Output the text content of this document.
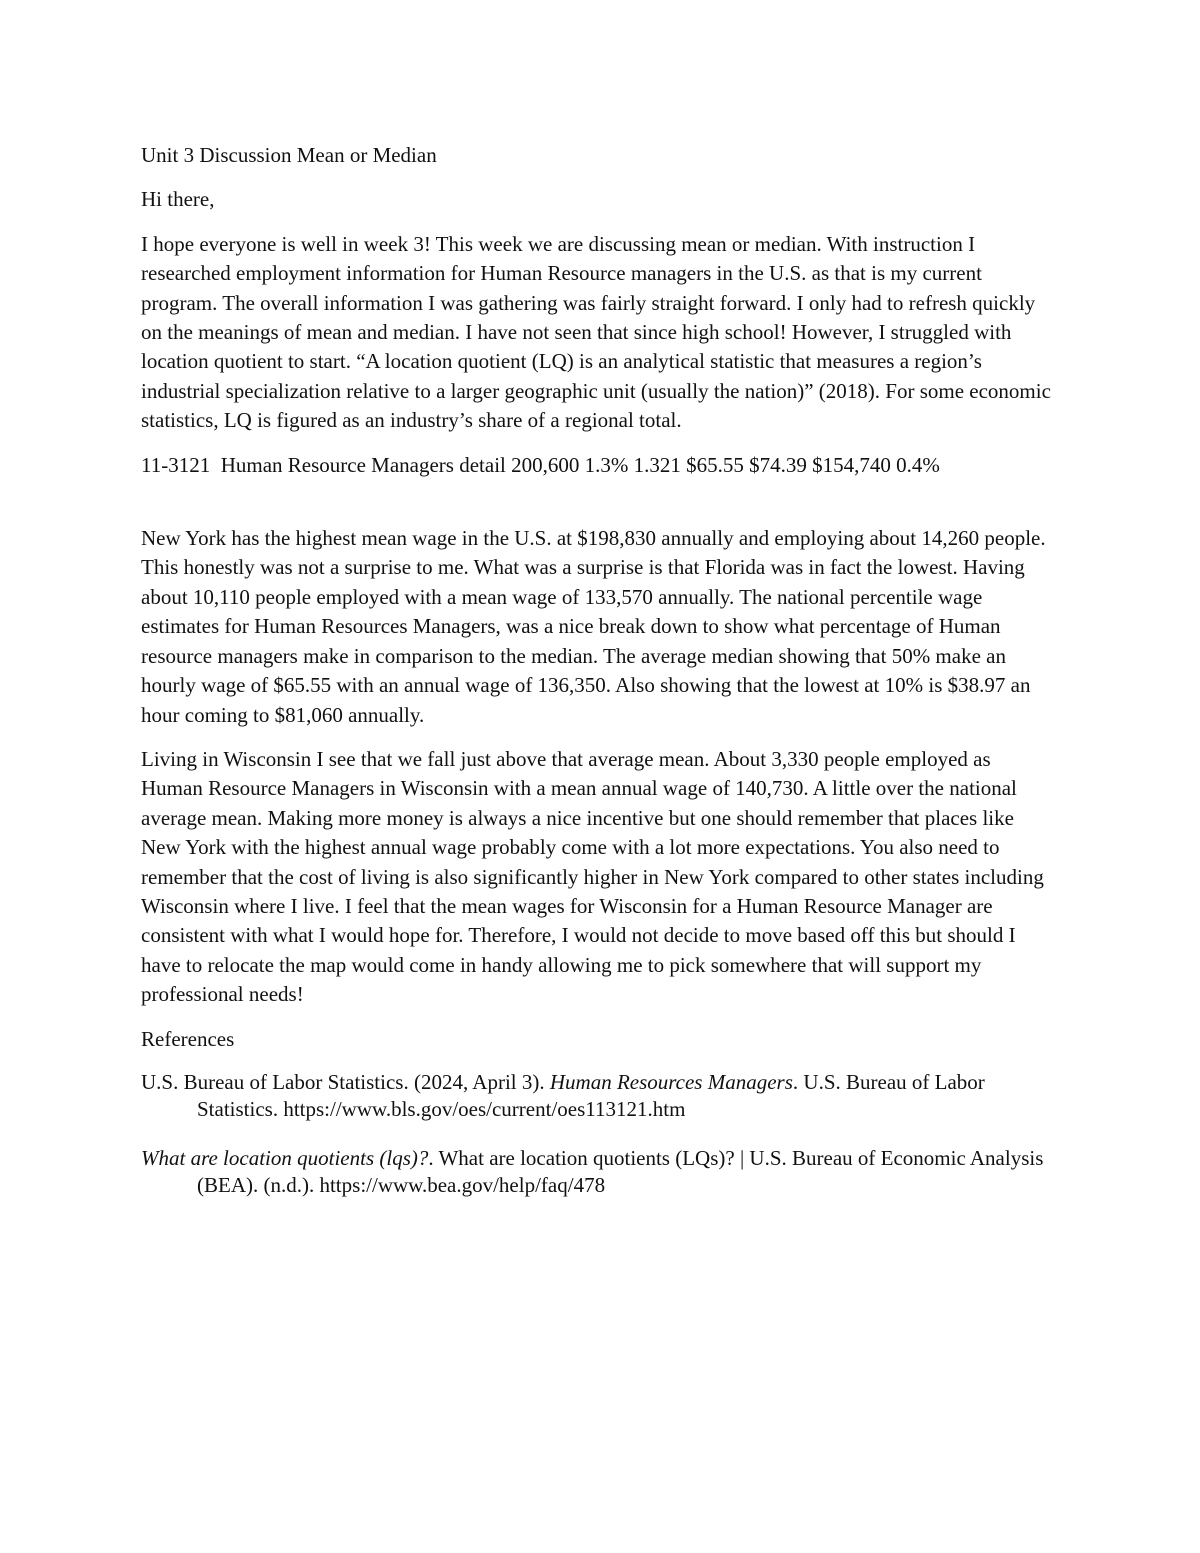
Unit 3 Discussion Mean or Median

Hi there,

I hope everyone is well in week 3! This week we are discussing mean or median. With instruction I researched employment information for Human Resource managers in the U.S. as that is my current program. The overall information I was gathering was fairly straight forward. I only had to refresh quickly on the meanings of mean and median. I have not seen that since high school! However, I struggled with location quotient to start. “A location quotient (LQ) is an analytical statistic that measures a region’s industrial specialization relative to a larger geographic unit (usually the nation)” (2018). For some economic statistics, LQ is figured as an industry’s share of a regional total.

11-3121  Human Resource Managers detail 200,600 1.3% 1.321 $65.55 $74.39 $154,740 0.4%

New York has the highest mean wage in the U.S. at $198,830 annually and employing about 14,260 people. This honestly was not a surprise to me. What was a surprise is that Florida was in fact the lowest. Having about 10,110 people employed with a mean wage of 133,570 annually. The national percentile wage estimates for Human Resources Managers, was a nice break down to show what percentage of Human resource managers make in comparison to the median. The average median showing that 50% make an hourly wage of $65.55 with an annual wage of 136,350. Also showing that the lowest at 10% is $38.97 an hour coming to $81,060 annually.

Living in Wisconsin I see that we fall just above that average mean. About 3,330 people employed as Human Resource Managers in Wisconsin with a mean annual wage of 140,730. A little over the national average mean. Making more money is always a nice incentive but one should remember that places like New York with the highest annual wage probably come with a lot more expectations. You also need to remember that the cost of living is also significantly higher in New York compared to other states including Wisconsin where I live. I feel that the mean wages for Wisconsin for a Human Resource Manager are consistent with what I would hope for. Therefore, I would not decide to move based off this but should I have to relocate the map would come in handy allowing me to pick somewhere that will support my professional needs!

References

U.S. Bureau of Labor Statistics. (2024, April 3). Human Resources Managers. U.S. Bureau of Labor Statistics. https://www.bls.gov/oes/current/oes113121.htm

What are location quotients (lqs)?. What are location quotients (LQs)? | U.S. Bureau of Economic Analysis (BEA). (n.d.). https://www.bea.gov/help/faq/478
